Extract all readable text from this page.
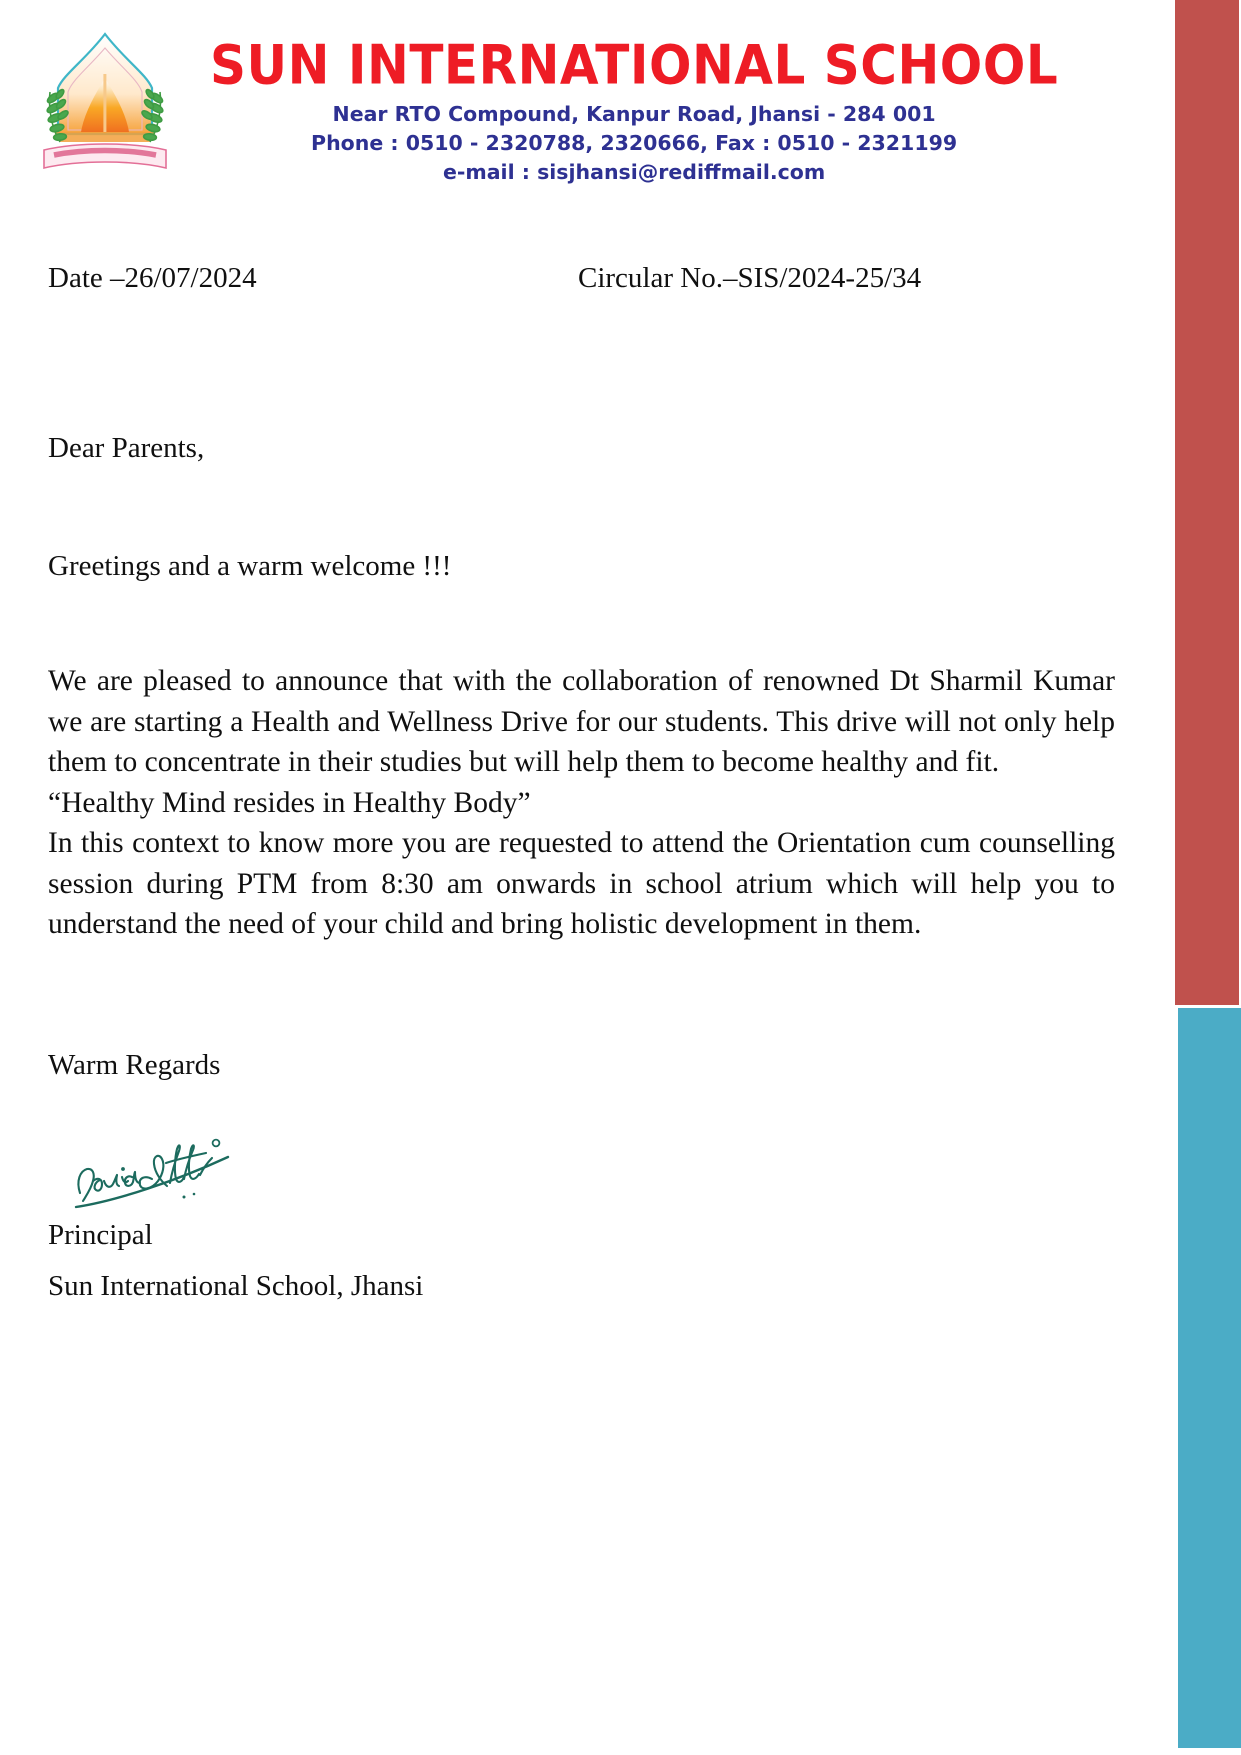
SUN INTERNATIONAL SCHOOL
Near RTO Compound, Kanpur Road, Jhansi - 284 001
Phone : 0510 - 2320788, 2320666, Fax : 0510 - 2321199
e-mail : sisjhansi@rediffmail.com
Date –26/07/2024	Circular No.–SIS/2024-25/34
Dear Parents,
Greetings and a warm welcome !!!
We are pleased to announce that with the collaboration of renowned Dt Sharmil Kumar we are starting a Health and Wellness Drive for our students. This drive will not only help them to concentrate in their studies but will help them to become healthy and fit.
“Healthy Mind resides in Healthy Body”
In this context to know more you are requested to attend the Orientation cum counselling session during PTM from 8:30 am onwards in school atrium which will help you to understand the need of your child and bring holistic development in them.
Warm Regards
Principal
Sun International School, Jhansi
